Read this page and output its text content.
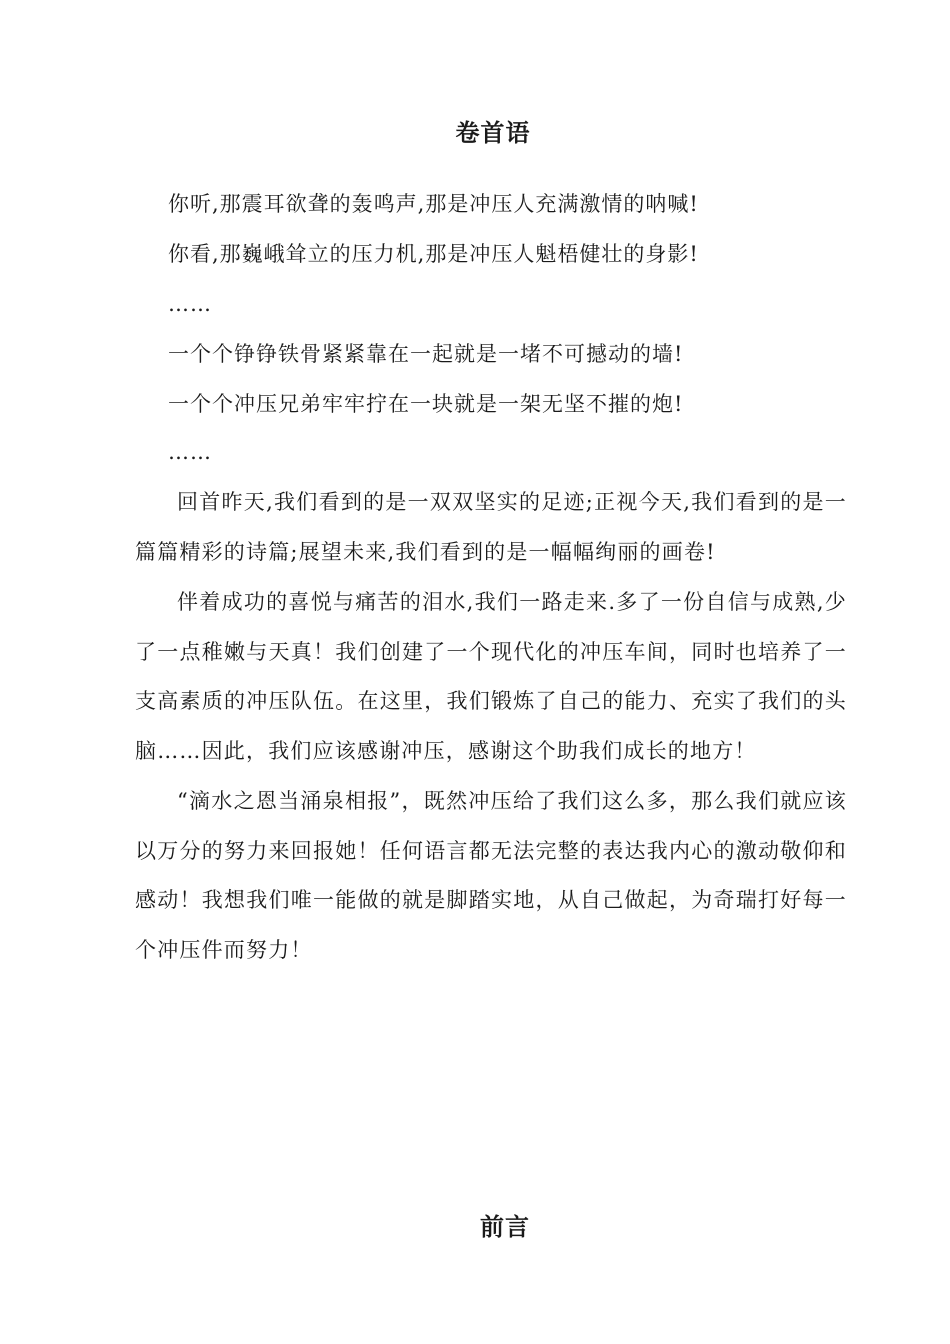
卷首语
你听,那震耳欲聋的轰鸣声,那是冲压人充满激情的呐喊!
你看,那巍峨耸立的压力机,那是冲压人魁梧健壮的身影!
……
一个个铮铮铁骨紧紧靠在一起就是一堵不可撼动的墙!
一个个冲压兄弟牢牢拧在一块就是一架无坚不摧的炮!
……

回首昨天,我们看到的是一双双坚实的足迹;正视今天,我们看到的是一篇篇精彩的诗篇;展望未来,我们看到的是一幅幅绚丽的画卷!

伴着成功的喜悦与痛苦的泪水,我们一路走来.多了一份自信与成熟,少了一点稚嫩与天真！我们创建了一个现代化的冲压车间，同时也培养了一支高素质的冲压队伍。在这里，我们锻炼了自己的能力、充实了我们的头脑……因此，我们应该感谢冲压，感谢这个助我们成长的地方！

“滴水之恩当涌泉相报”，既然冲压给了我们这么多，那么我们就应该以万分的努力来回报她！任何语言都无法完整的表达我内心的激动敬仰和感动！我想我们唯一能做的就是脚踏实地，从自己做起，为奇瑞打好每一个冲压件而努力！

前言
